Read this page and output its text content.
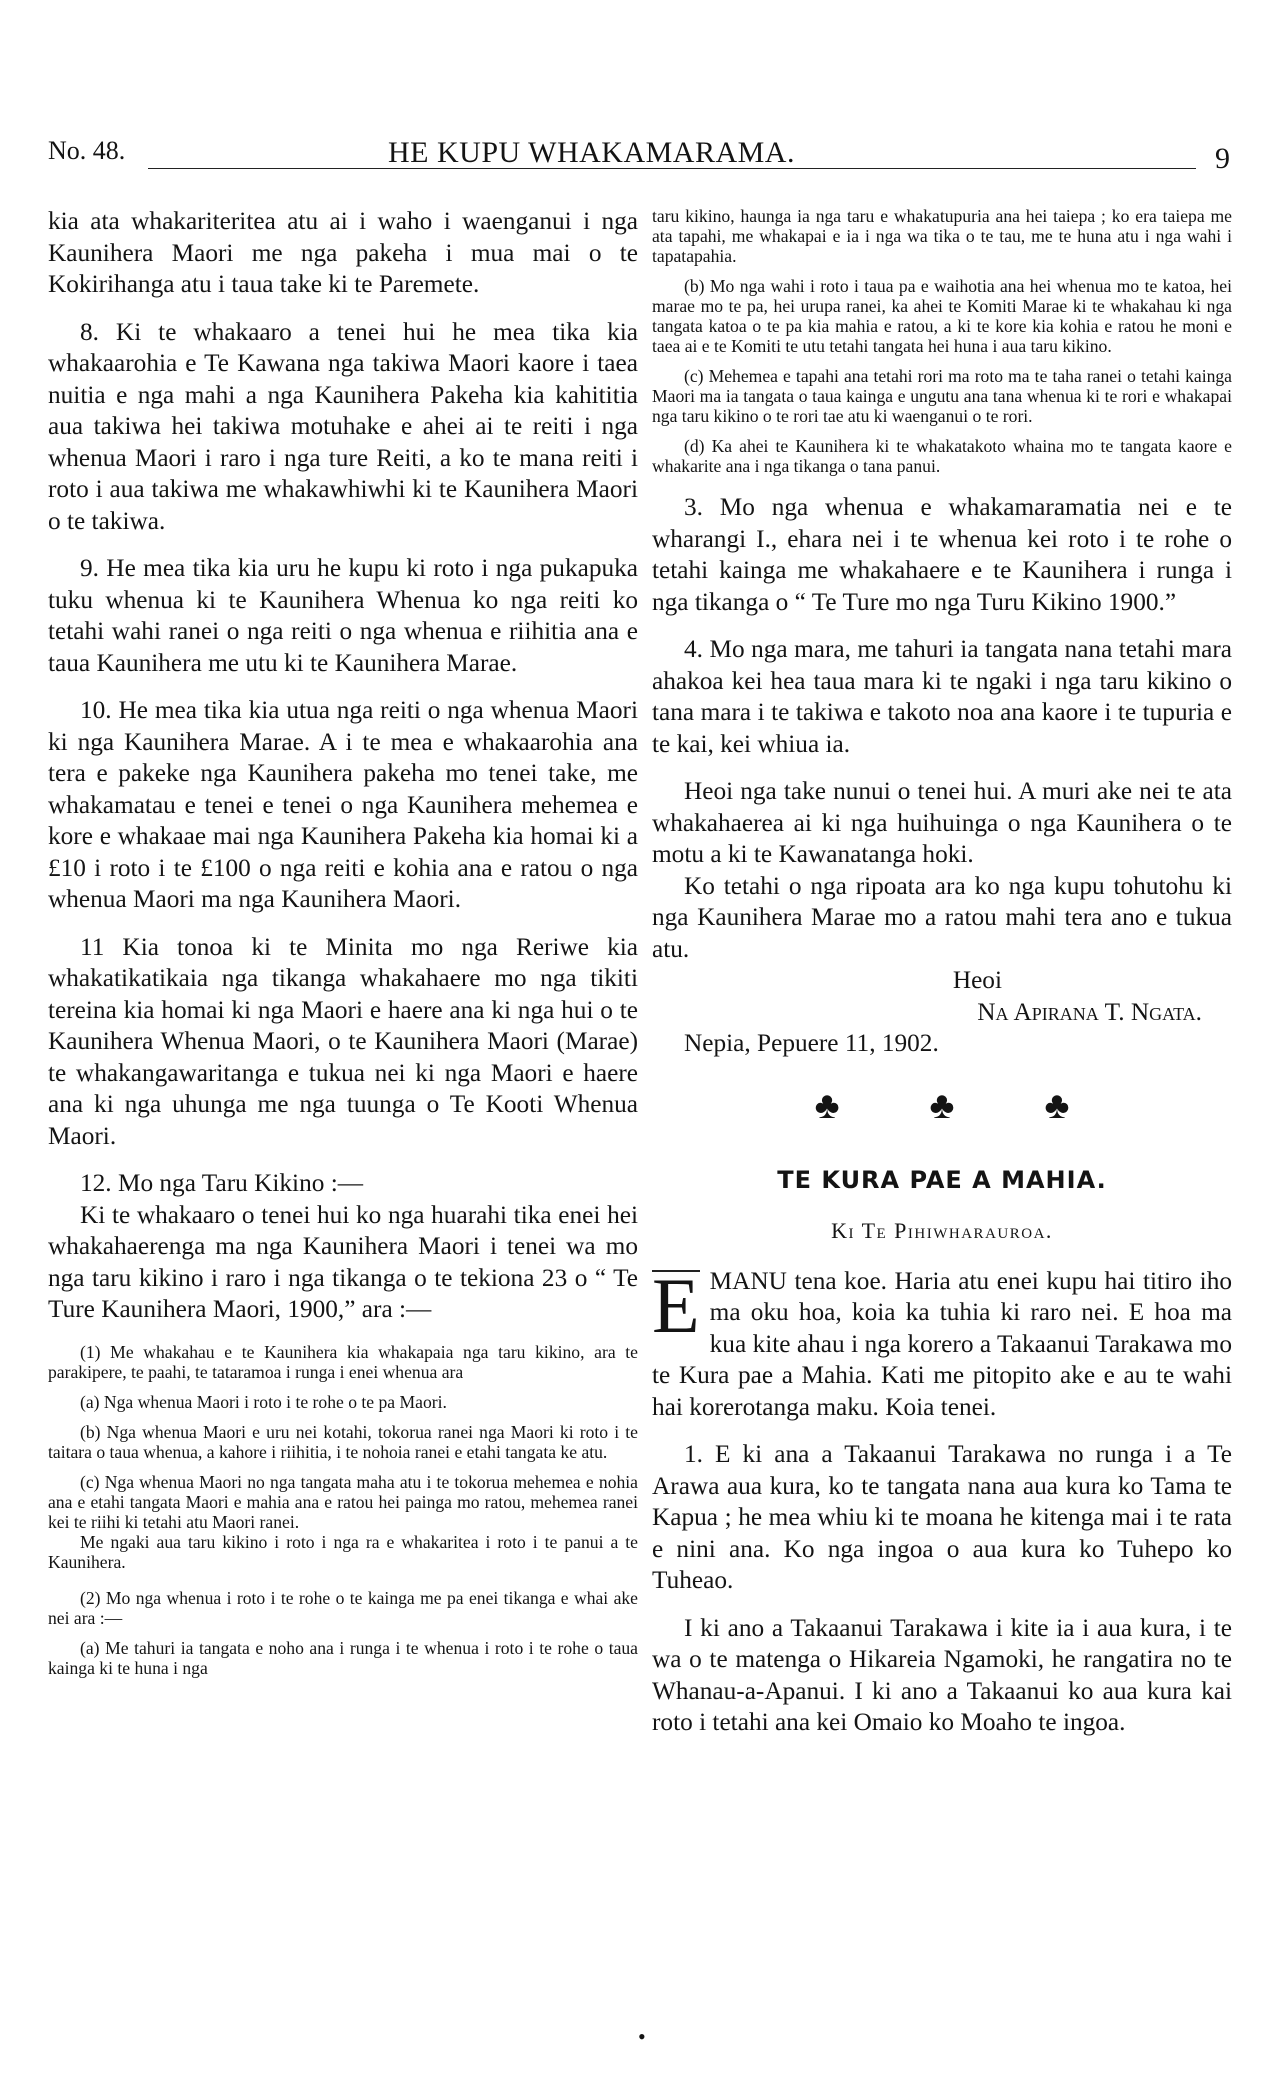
No. 48.	HE KUPU WHAKAMARAMA.	9

kia ata whakariteritea atu ai i waho i waenganui i nga Kaunihera Maori me nga pakeha i mua mai o te Kokirihanga atu i taua take ki te Paremete.

8. Ki te whakaaro a tenei hui he mea tika kia whakaarohia e Te Kawana nga takiwa Maori kaore i taea nuitia e nga mahi a nga Kaunihera Pakeha kia kahititia aua takiwa hei takiwa motuhake e ahei ai te reiti i nga whenua Maori i raro i nga ture Reiti, a ko te mana reiti i roto i aua takiwa me whakawhiwhi ki te Kaunihera Maori o te takiwa.

9. He mea tika kia uru he kupu ki roto i nga pukapuka tuku whenua ki te Kaunihera Whenua ko nga reiti ko tetahi wahi ranei o nga reiti o nga whenua e riihitia ana e taua Kaunihera me utu ki te Kaunihera Marae.

10. He mea tika kia utua nga reiti o nga whenua Maori ki nga Kaunihera Marae. A i te mea e whakaarohia ana tera e pakeke nga Kaunihera pakeha mo tenei take, me whakamatau e tenei e tenei o nga Kaunihera mehemea e kore e whakaae mai nga Kaunihera Pakeha kia homai ki a £10 i roto i te £100 o nga reiti e kohia ana e ratou o nga whenua Maori ma nga Kaunihera Maori.

11 Kia tonoa ki te Minita mo nga Reriwe kia whakatikatikaia nga tikanga whakahaere mo nga tikiti tereina kia homai ki nga Maori e haere ana ki nga hui o te Kaunihera Whenua Maori, o te Kaunihera Maori (Marae) te whakangawaritanga e tukua nei ki nga Maori e haere ana ki nga uhunga me nga tuunga o Te Kooti Whenua Maori.

12. Mo nga Taru Kikino :—

Ki te whakaaro o tenei hui ko nga huarahi tika enei hei whakahaerenga ma nga Kaunihera Maori i tenei wa mo nga taru kikino i raro i nga tikanga o te tekiona 23 o “ Te Ture Kaunihera Maori, 1900,” ara :—

(1) Me whakahau e te Kaunihera kia whakapaia nga taru kikino, ara te parakipere, te paahi, te tataramoa i runga i enei whenua ara

(a) Nga whenua Maori i roto i te rohe o te pa Maori.

(b) Nga whenua Maori e uru nei kotahi, tokorua ranei nga Maori ki roto i te taitara o taua whenua, a kahore i riihitia, i te nohoia ranei e etahi tangata ke atu.

(c) Nga whenua Maori no nga tangata maha atu i te tokorua mehemea e nohia ana e etahi tangata Maori e mahia ana e ratou hei painga mo ratou, mehemea ranei kei te riihi ki tetahi atu Maori ranei.

Me ngaki aua taru kikino i roto i nga ra e whakaritea i roto i te panui a te Kaunihera.

(2) Mo nga whenua i roto i te rohe o te kainga me pa enei tikanga e whai ake nei ara :—

(a) Me tahuri ia tangata e noho ana i runga i te whenua i roto i te rohe o taua kainga ki te huna i nga

taru kikino, haunga ia nga taru e whakatupuria ana hei taiepa ; ko era taiepa me ata tapahi, me whakapai e ia i nga wa tika o te tau, me te huna atu i nga wahi i tapatapahia.

(b) Mo nga wahi i roto i taua pa e waihotia ana hei whenua mo te katoa, hei marae mo te pa, hei urupa ranei, ka ahei te Komiti Marae ki te whakahau ki nga tangata katoa o te pa kia mahia e ratou, a ki te kore kia kohia e ratou he moni e taea ai e te Komiti te utu tetahi tangata hei huna i aua taru kikino.

(c) Mehemea e tapahi ana tetahi rori ma roto ma te taha ranei o tetahi kainga Maori ma ia tangata o taua kainga e ungutu ana tana whenua ki te rori e whakapai nga taru kikino o te rori tae atu ki waenganui o te rori.

(d) Ka ahei te Kaunihera ki te whakatakoto whaina mo te tangata kaore e whakarite ana i nga tikanga o tana panui.

3. Mo nga whenua e whakamaramatia nei e te wharangi I., ehara nei i te whenua kei roto i te rohe o tetahi kainga me whakahaere e te Kaunihera i runga i nga tikanga o “ Te Ture mo nga Turu Kikino 1900.”

4. Mo nga mara, me tahuri ia tangata nana tetahi mara ahakoa kei hea taua mara ki te ngaki i nga taru kikino o tana mara i te takiwa e takoto noa ana kaore i te tupuria e te kai, kei whiua ia.

Heoi nga take nunui o tenei hui. A muri ake nei te ata whakahaerea ai ki nga huihuinga o nga Kaunihera o te motu a ki te Kawanatanga hoki.

Ko tetahi o nga ripoata ara ko nga kupu tohutohu ki nga Kaunihera Marae mo a ratou mahi tera ano e tukua atu.

Heoi

Na Apirana T. Ngata.

Nepia, Pepuere 11, 1902.

♣ ♣ ♣

TE KURA PAE A MAHIA.

Ki Te Pihiwharauroa.

E MANU tena koe. Haria atu enei kupu hai titiro iho ma oku hoa, koia ka tuhia ki raro nei. E hoa ma kua kite ahau i nga korero a Takaanui Tarakawa mo te Kura pae a Mahia. Kati me pitopito ake e au te wahi hai korerotanga maku. Koia tenei.

1. E ki ana a Takaanui Tarakawa no runga i a Te Arawa aua kura, ko te tangata nana aua kura ko Tama te Kapua ; he mea whiu ki te moana he kitenga mai i te rata e nini ana. Ko nga ingoa o aua kura ko Tuhepo ko Tuheao.

I ki ano a Takaanui Tarakawa i kite ia i aua kura, i te wa o te matenga o Hikareia Ngamoki, he rangatira no te Whanau-a-Apanui. I ki ano a Takaanui ko aua kura kai roto i tetahi ana kei Omaio ko Moaho te ingoa.

•
